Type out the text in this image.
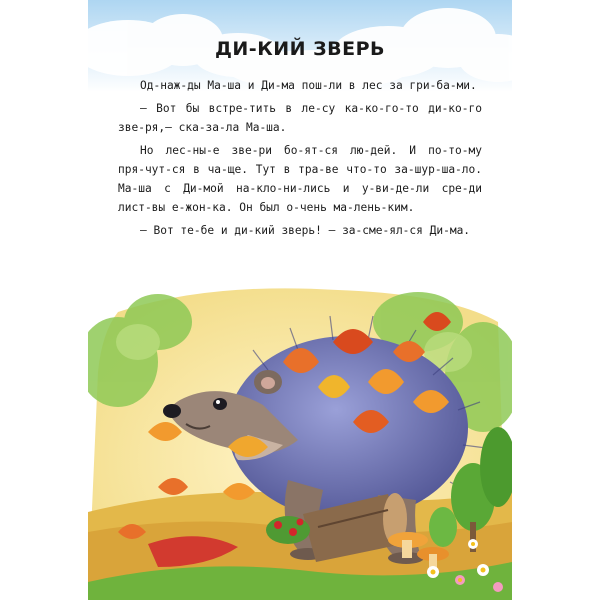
ДИ-КИЙ ЗВЕРЬ

Од-наж-ды Ма-ша и Ди-ма пош-ли в лес за гри-ба-ми.

— Вот бы встре-тить в ле-су ка-ко-го-то ди-ко-го зве-ря,— ска-за-ла Ма-ша.

Но лес-ны-е зве-ри бо-ят-ся лю-дей. И по-то-му пря-чут-ся в ча-ще. Тут в тра-ве что-то за-шур-ша-ло. Ма-ша с Ди-мой на-кло-ни-лись и у-ви-де-ли сре-ди лист-вы е-жон-ка. Он был о-чень ма-лень-ким.

— Вот те-бе и ди-кий зверь! — за-сме-ял-ся Ди-ма.
